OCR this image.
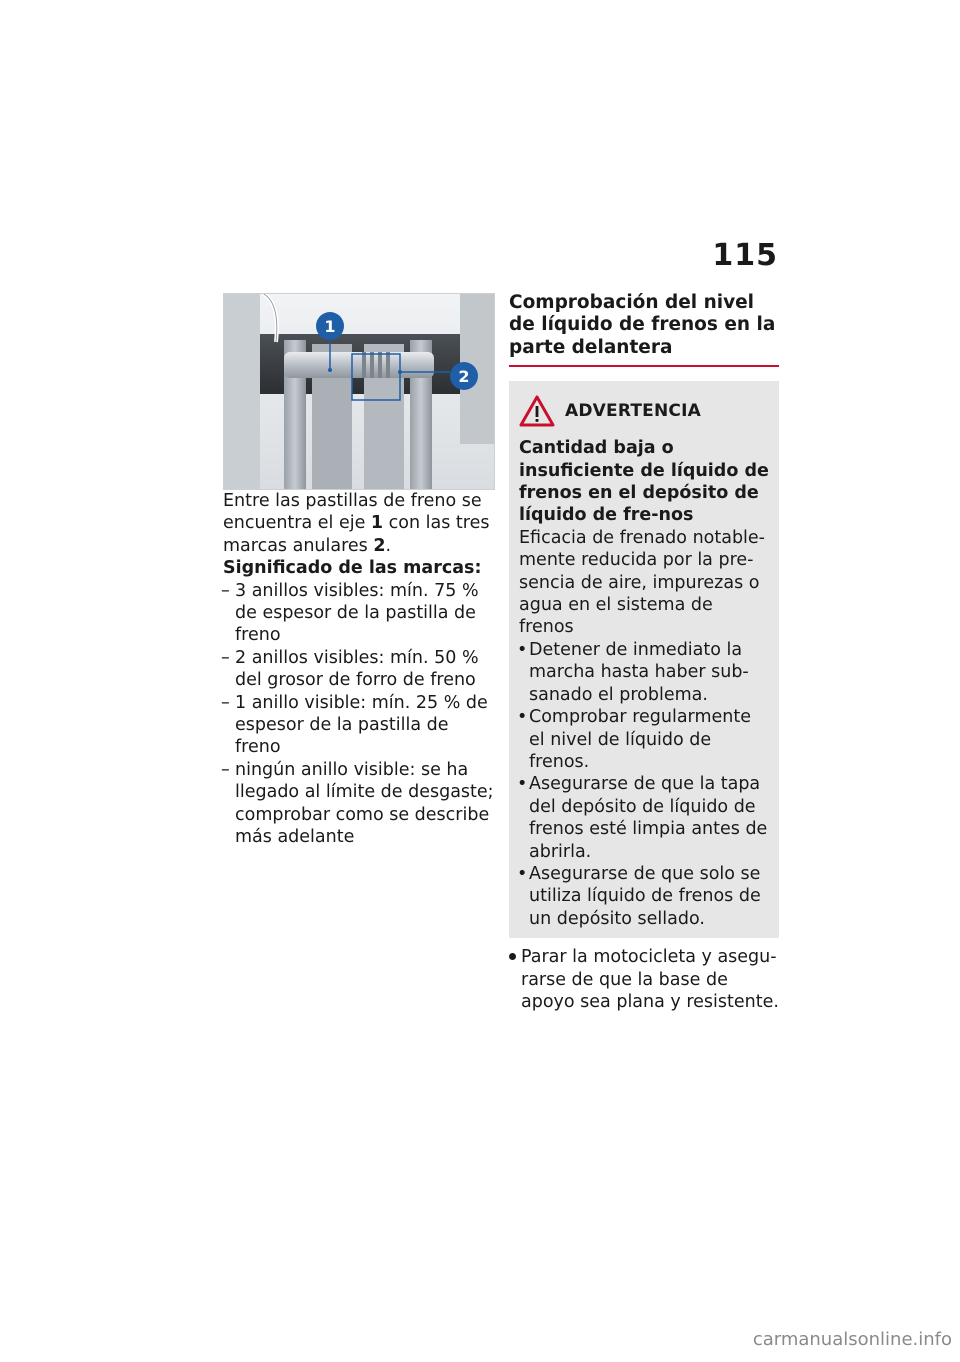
115
1
2

Entre las pastillas de freno se encuentra el eje 1 con las tres marcas anulares 2.

Significado de las marcas:

– 3 anillos visibles: mín. 75 % de espesor de la pastilla de freno
– 2 anillos visibles: mín. 50 % del grosor de forro de freno
– 1 anillo visible: mín. 25 % de espesor de la pastilla de freno
– ningún anillo visible: se ha llegado al límite de desgaste; comprobar como se describe más adelante
Comprobación del nivel de líquido de frenos en la parte delantera
ADVERTENCIA

Cantidad baja o insuficiente de líquido de frenos en el depósito de líquido de fre-nos

Eficacia de frenado notable-mente reducida por la pre-sencia de aire, impurezas o agua en el sistema de frenos

• Detener de inmediato la marcha hasta haber sub-sanado el problema.
• Comprobar regularmente el nivel de líquido de frenos.
• Asegurarse de que la tapa del depósito de líquido de frenos esté limpia antes de abrirla.
• Asegurarse de que solo se utiliza líquido de frenos de un depósito sellado.
Parar la motocicleta y asegu-rarse de que la base de apoyo sea plana y resistente.
carmanualsonline.info
